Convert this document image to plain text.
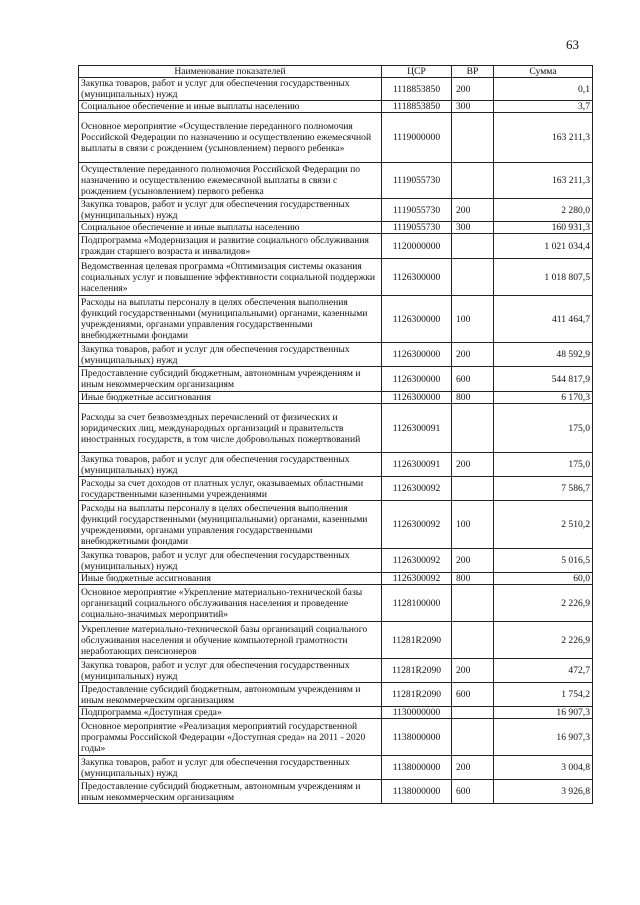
63
Наименование показателей	ЦСР	ВР	Сумма
Закупка товаров, работ и услуг для обеспечения государственных (муниципальных) нужд	1118853850	200	0,1
Социальное обеспечение и иные выплаты населению	1118853850	300	3,7
Основное мероприятие «Осуществление переданного полномочия Российской Федерации по назначению и осуществлению ежемесячной выплаты в связи с рождением (усыновлением) первого ребенка»	1119000000		163 211,3
Осуществление переданного полномочия Российской Федерации по назначению и осуществлению ежемесячной выплаты в связи с рождением (усыновлением) первого ребенка	1119055730		163 211,3
Закупка товаров, работ и услуг для обеспечения государственных (муниципальных) нужд	1119055730	200	2 280,0
Социальное обеспечение и иные выплаты населению	1119055730	300	160 931,3
Подпрограмма «Модернизация и развитие социального обслуживания граждан старшего возраста и инвалидов»	1120000000		1 021 034,4
Ведомственная целевая программа «Оптимизация системы оказания социальных услуг и повышение эффективности социальной поддержки населения»	1126300000		1 018 807,5
Расходы на выплаты персоналу в целях обеспечения выполнения функций государственными (муниципальными) органами, казенными учреждениями, органами управления государственными внебюджетными фондами	1126300000	100	411 464,7
Закупка товаров, работ и услуг для обеспечения государственных (муниципальных) нужд	1126300000	200	48 592,9
Предоставление субсидий бюджетным, автономным учреждениям и иным некоммерческим организациям	1126300000	600	544 817,9
Иные бюджетные ассигнования	1126300000	800	6 170,3
Расходы за счет безвозмездных перечислений от физических и юридических лиц, международных организаций и правительств иностранных государств, в том числе добровольных пожертвований	1126300091		175,0
Закупка товаров, работ и услуг для обеспечения государственных (муниципальных) нужд	1126300091	200	175,0
Расходы за счет доходов от платных услуг, оказываемых областными государственными казенными учреждениями	1126300092		7 586,7
Расходы на выплаты персоналу в целях обеспечения выполнения функций государственными (муниципальными) органами, казенными учреждениями, органами управления государственными внебюджетными фондами	1126300092	100	2 510,2
Закупка товаров, работ и услуг для обеспечения государственных (муниципальных) нужд	1126300092	200	5 016,5
Иные бюджетные ассигнования	1126300092	800	60,0
Основное мероприятие «Укрепление материально-технической базы организаций социального обслуживания населения и проведение социально-значимых мероприятий»	1128100000		2 226,9
Укрепление материально-технической базы организаций социального обслуживания населения и обучение компьютерной грамотности неработающих пенсионеров	11281R2090		2 226,9
Закупка товаров, работ и услуг для обеспечения государственных (муниципальных) нужд	11281R2090	200	472,7
Предоставление субсидий бюджетным, автономным учреждениям и иным некоммерческим организациям	11281R2090	600	1 754,2
Подпрограмма «Доступная среда»	1130000000		16 907,3
Основное мероприятие «Реализация мероприятий государственной программы Российской Федерации «Доступная среда» на 2011 - 2020 годы»	1138000000		16 907,3
Закупка товаров, работ и услуг для обеспечения государственных (муниципальных) нужд	1138000000	200	3 004,8
Предоставление субсидий бюджетным, автономным учреждениям и иным некоммерческим организациям	1138000000	600	3 926,8
